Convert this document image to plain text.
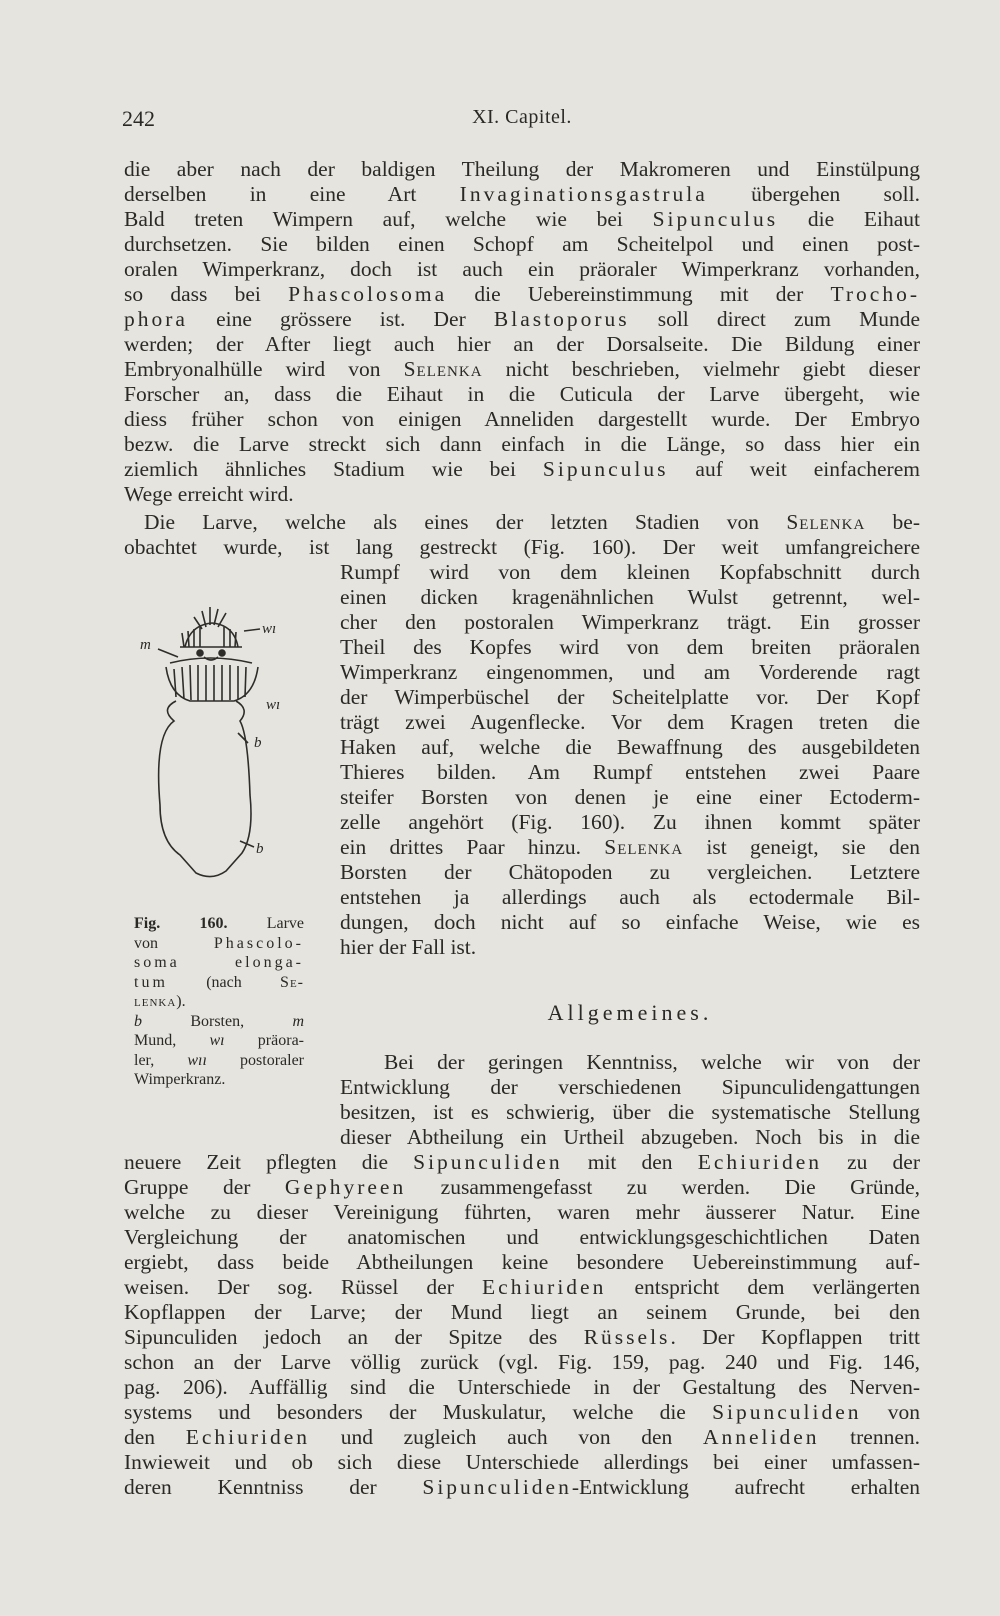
242	XI. Capitel.
die aber nach der baldigen Theilung der Makromeren und Einstülpung
derselben in eine Art Invaginationsgastrula übergehen soll.
Bald treten Wimpern auf, welche wie bei Sipunculus die Eihaut
durchsetzen. Sie bilden einen Schopf am Scheitelpol und einen post-
oralen Wimperkranz, doch ist auch ein präoraler Wimperkranz vorhanden,
so dass bei Phascolosoma die Uebereinstimmung mit der Trocho-
phora eine grössere ist. Der Blastoporus soll direct zum Munde
werden; der After liegt auch hier an der Dorsalseite. Die Bildung einer
Embryonalhülle wird von Selenka nicht beschrieben, vielmehr giebt dieser
Forscher an, dass die Eihaut in die Cuticula der Larve übergeht, wie
diess früher schon von einigen Anneliden dargestellt wurde. Der Embryo
bezw. die Larve streckt sich dann einfach in die Länge, so dass hier ein
ziemlich ähnliches Stadium wie bei Sipunculus auf weit einfacherem
Wege erreicht wird.
Die Larve, welche als eines der letzten Stadien von Selenka be-
obachtet wurde, ist lang gestreckt (Fig. 160). Der weit umfangreichere
Rumpf wird von dem kleinen Kopfabschnitt durch
einen dicken kragenähnlichen Wulst getrennt, wel-
cher den postoralen Wimperkranz trägt. Ein grosser
Theil des Kopfes wird von dem breiten präoralen
Wimperkranz eingenommen, und am Vorderende ragt
der Wimperbüschel der Scheitelplatte vor. Der Kopf
trägt zwei Augenflecke. Vor dem Kragen treten die
Haken auf, welche die Bewaffnung des ausgebildeten
Thieres bilden. Am Rumpf entstehen zwei Paare
steifer Borsten von denen je eine einer Ectoderm-
zelle angehört (Fig. 160). Zu ihnen kommt später
ein drittes Paar hinzu. Selenka ist geneigt, sie den
Borsten der Chätopoden zu vergleichen. Letztere
entstehen ja allerdings auch als ectodermale Bil-
dungen, doch nicht auf so einfache Weise, wie es
hier der Fall ist.
m
wı
wı
b
b
Fig. 160. Larve
von Phascolo-
soma elonga-
tum (nach Se-
lenka).
b Borsten, m
Mund, wı präora-
ler, wıı postoraler
Wimperkranz.
Allgemeines.
Bei der geringen Kenntniss, welche wir von der
Entwicklung der verschiedenen Sipunculidengattungen
besitzen, ist es schwierig, über die systematische Stellung
dieser Abtheilung ein Urtheil abzugeben. Noch bis in die
neuere Zeit pflegten die Sipunculiden mit den Echiuriden zu der
Gruppe der Gephyreen zusammengefasst zu werden. Die Gründe,
welche zu dieser Vereinigung führten, waren mehr äusserer Natur. Eine
Vergleichung der anatomischen und entwicklungsgeschichtlichen Daten
ergiebt, dass beide Abtheilungen keine besondere Uebereinstimmung auf-
weisen. Der sog. Rüssel der Echiuriden entspricht dem verlängerten
Kopflappen der Larve; der Mund liegt an seinem Grunde, bei den
Sipunculiden jedoch an der Spitze des Rüssels. Der Kopflappen tritt
schon an der Larve völlig zurück (vgl. Fig. 159, pag. 240 und Fig. 146,
pag. 206). Auffällig sind die Unterschiede in der Gestaltung des Nerven-
systems und besonders der Muskulatur, welche die Sipunculiden von
den Echiuriden und zugleich auch von den Anneliden trennen.
Inwieweit und ob sich diese Unterschiede allerdings bei einer umfassen-
deren Kenntniss der Sipunculiden-Entwicklung aufrecht erhalten
